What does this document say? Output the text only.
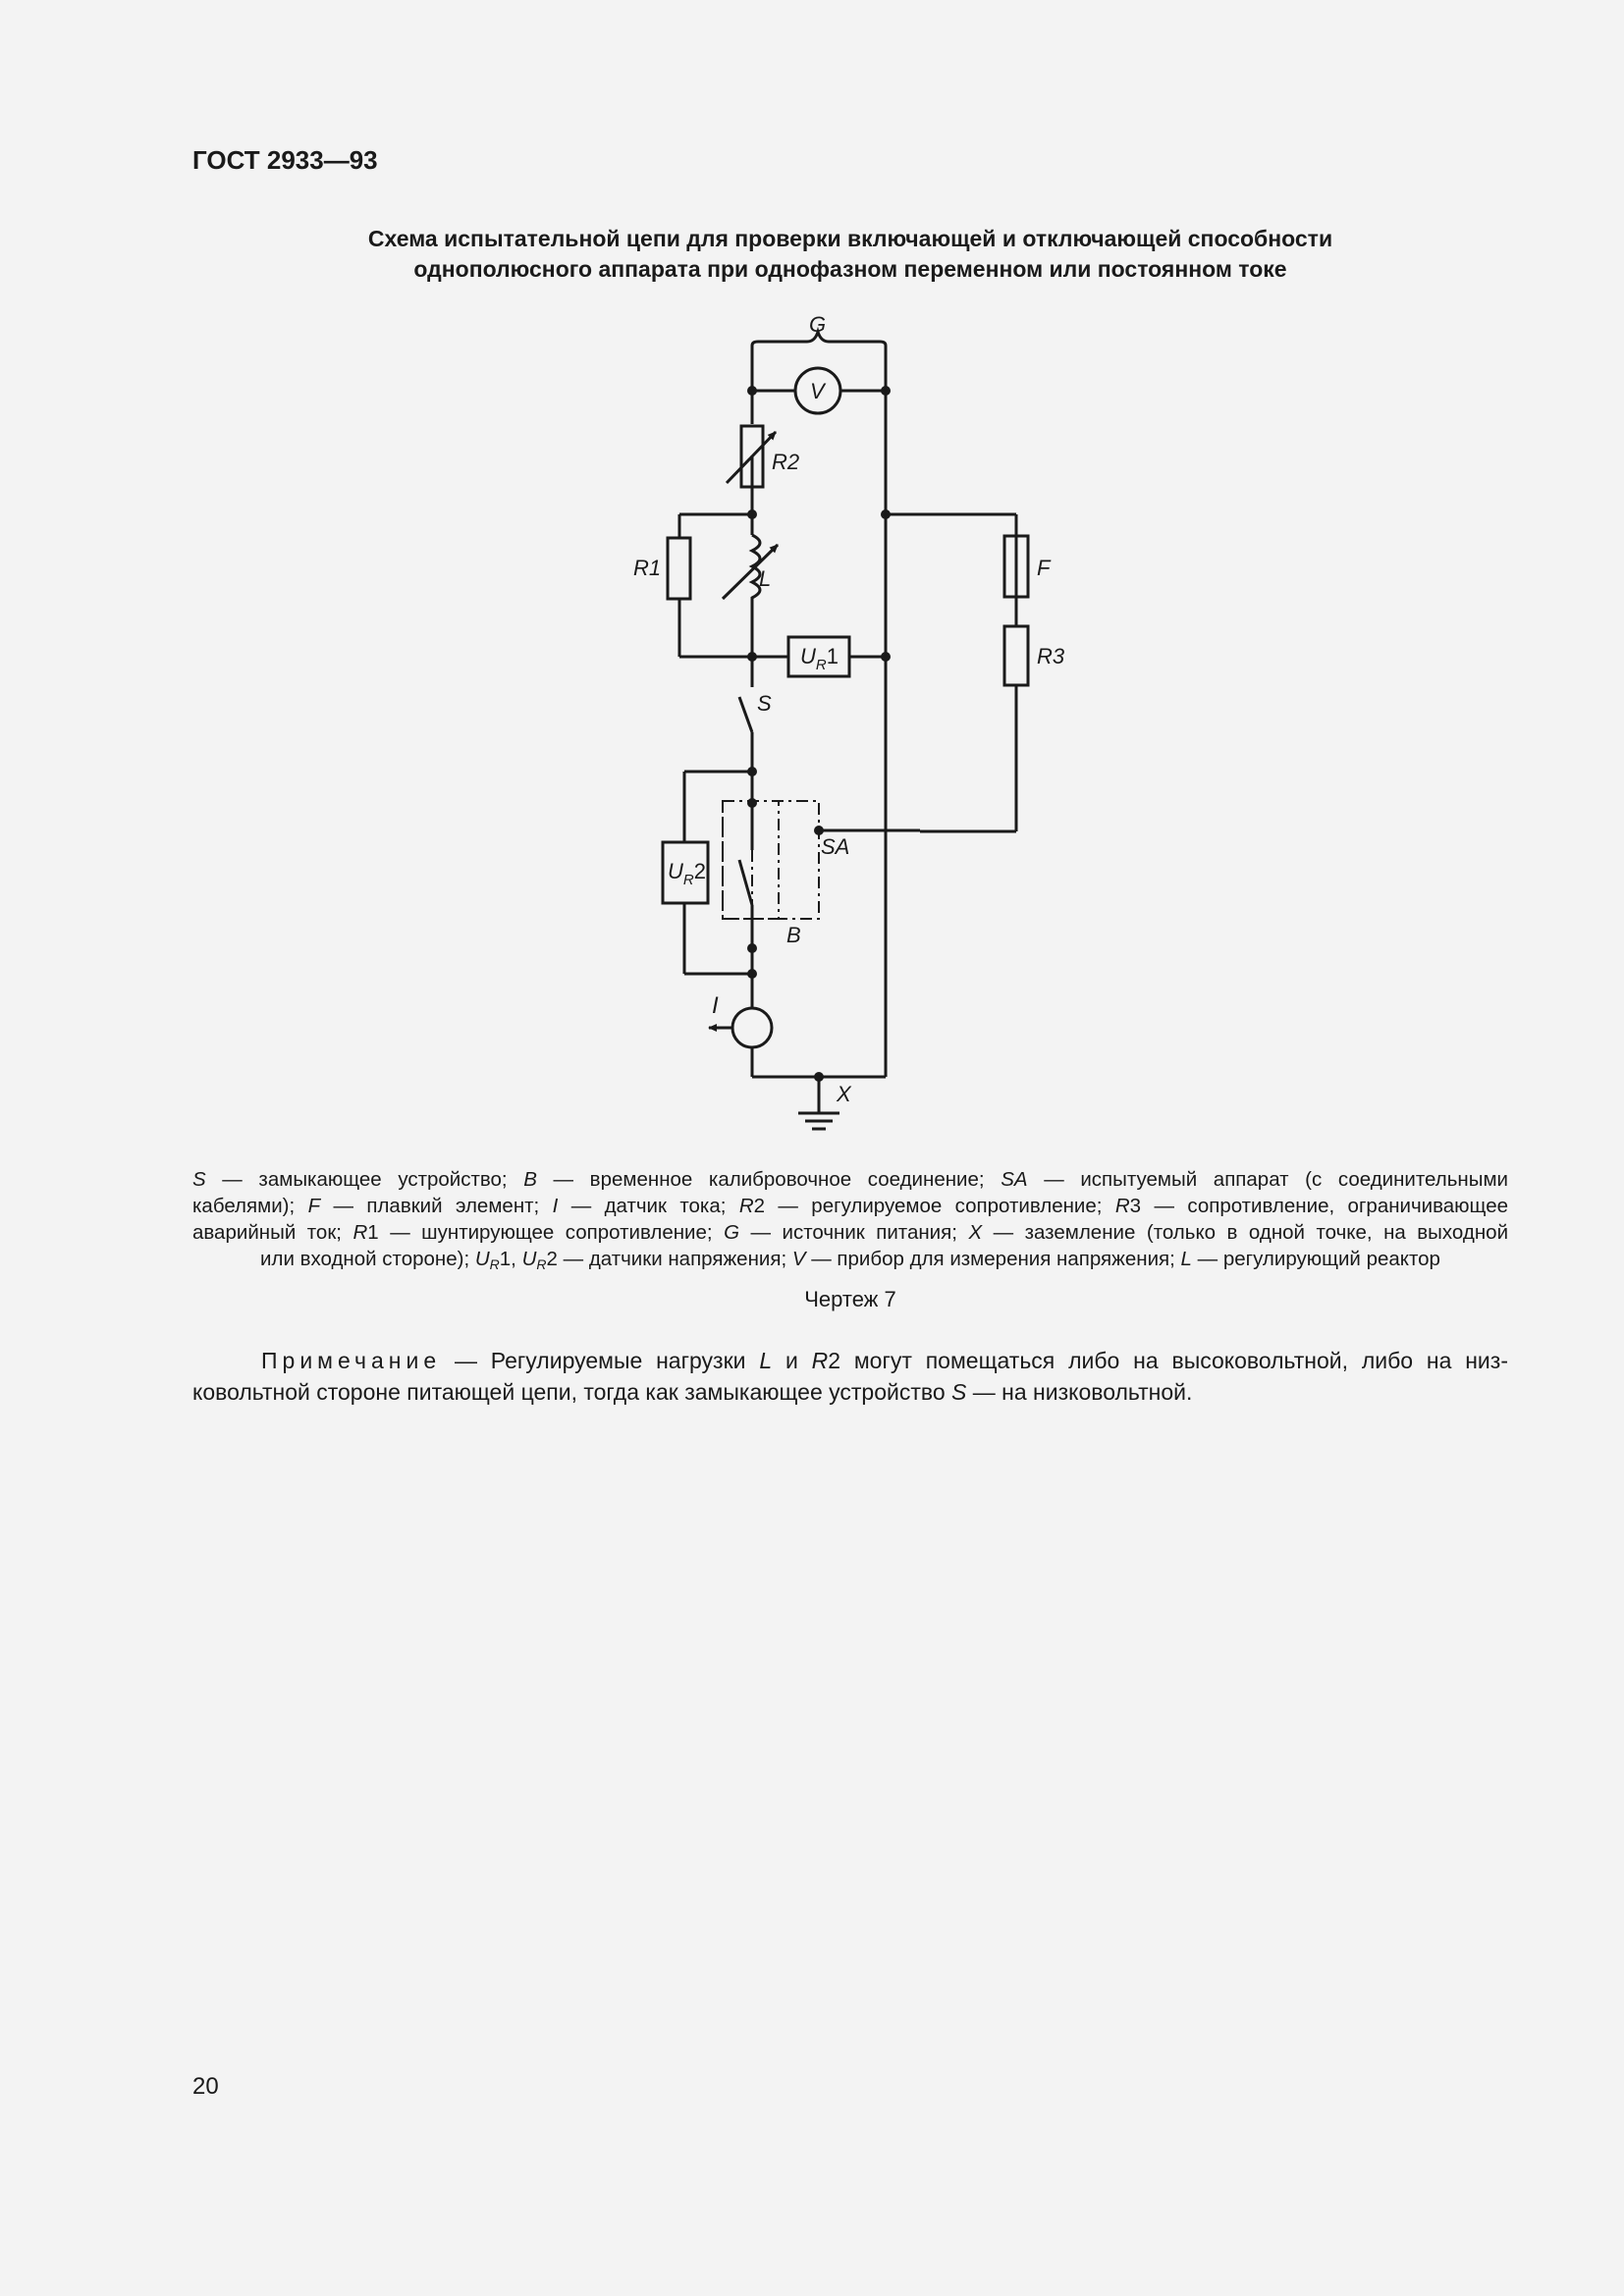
ГОСТ 2933—93
Схема испытательной цепи для проверки включающей и отключающей способности
однополюсного аппарата при однофазном переменном или постоянном токе
G
V
R2
R1	L	F
R3
$U_R1$
S
SA
$U_R2$
B
I
X
S — замыкающее устройство; B — временное калибровочное соединение; SA — испытуемый аппарат (с соединительными
кабелями); F — плавкий элемент; I — датчик тока; R2 — регулируемое сопротивление; R3 — сопротивление, ограничивающее
аварийный ток; R1 — шунтирующее сопротивление; G — источник питания; X — заземление (только в одной точке, на выходной
или входной стороне); $U_R1$, $U_R2$ — датчики напряжения; V — прибор для измерения напряжения; L — регулирующий реактор
Чертеж 7
Примечание — Регулируемые нагрузки L и R2 могут помещаться либо на высоковольтной, либо на низ-
ковольтной стороне питающей цепи, тогда как замыкающее устройство S — на низковольтной.
20
